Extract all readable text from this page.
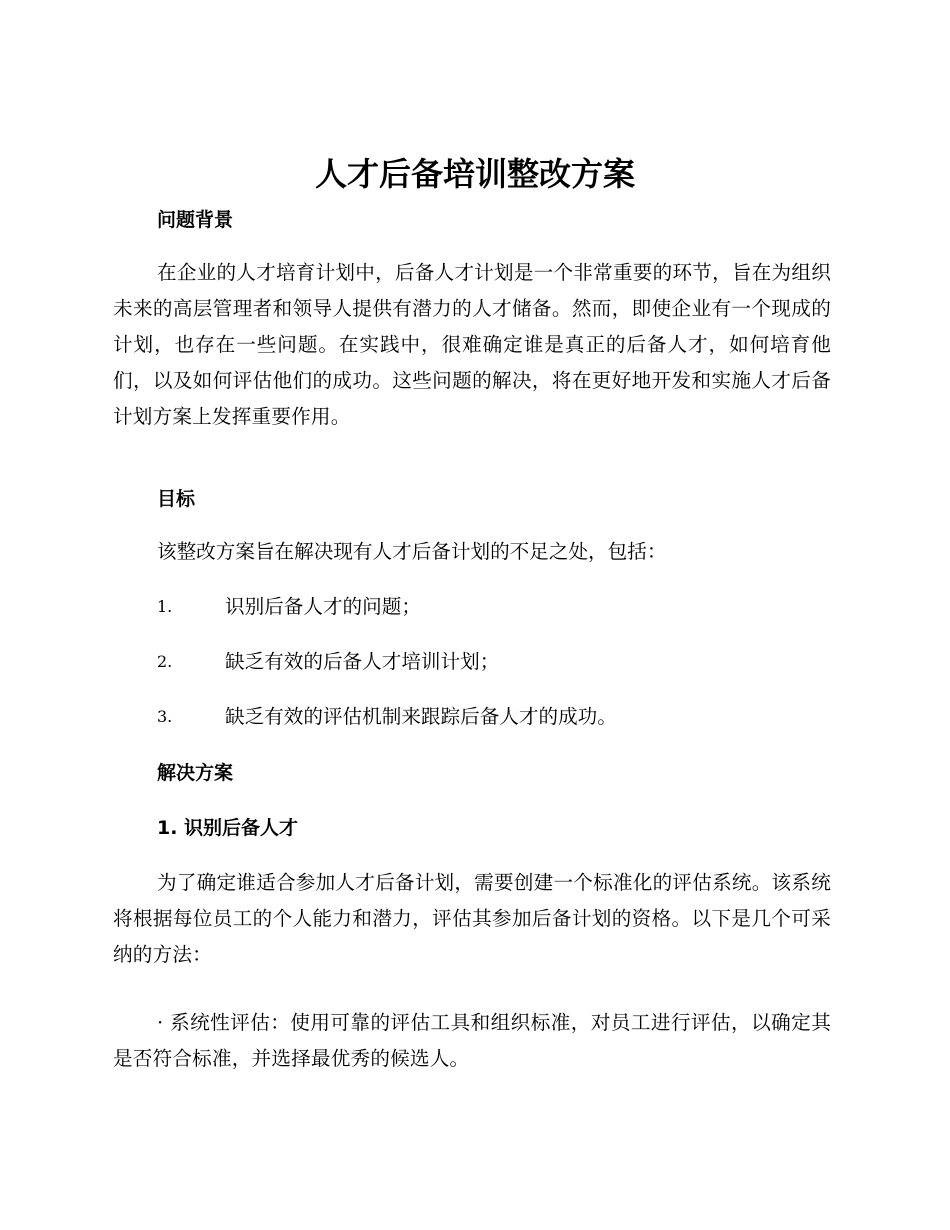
人才后备培训整改方案
问题背景

在企业的人才培育计划中，后备人才计划是一个非常重要的环节，旨在为组织未来的高层管理者和领导人提供有潜力的人才储备。然而，即使企业有一个现成的计划，也存在一些问题。在实践中，很难确定谁是真正的后备人才，如何培育他们，以及如何评估他们的成功。这些问题的解决，将在更好地开发和实施人才后备计划方案上发挥重要作用。

目标

该整改方案旨在解决现有人才后备计划的不足之处，包括：

1.	识别后备人才的问题；
2.	缺乏有效的后备人才培训计划；
3.	缺乏有效的评估机制来跟踪后备人才的成功。
解决方案
1. 识别后备人才

为了确定谁适合参加人才后备计划，需要创建一个标准化的评估系统。该系统将根据每位员工的个人能力和潜力，评估其参加后备计划的资格。以下是几个可采纳的方法：

· 系统性评估：使用可靠的评估工具和组织标准，对员工进行评估，以确定其是否符合标准，并选择最优秀的候选人。
